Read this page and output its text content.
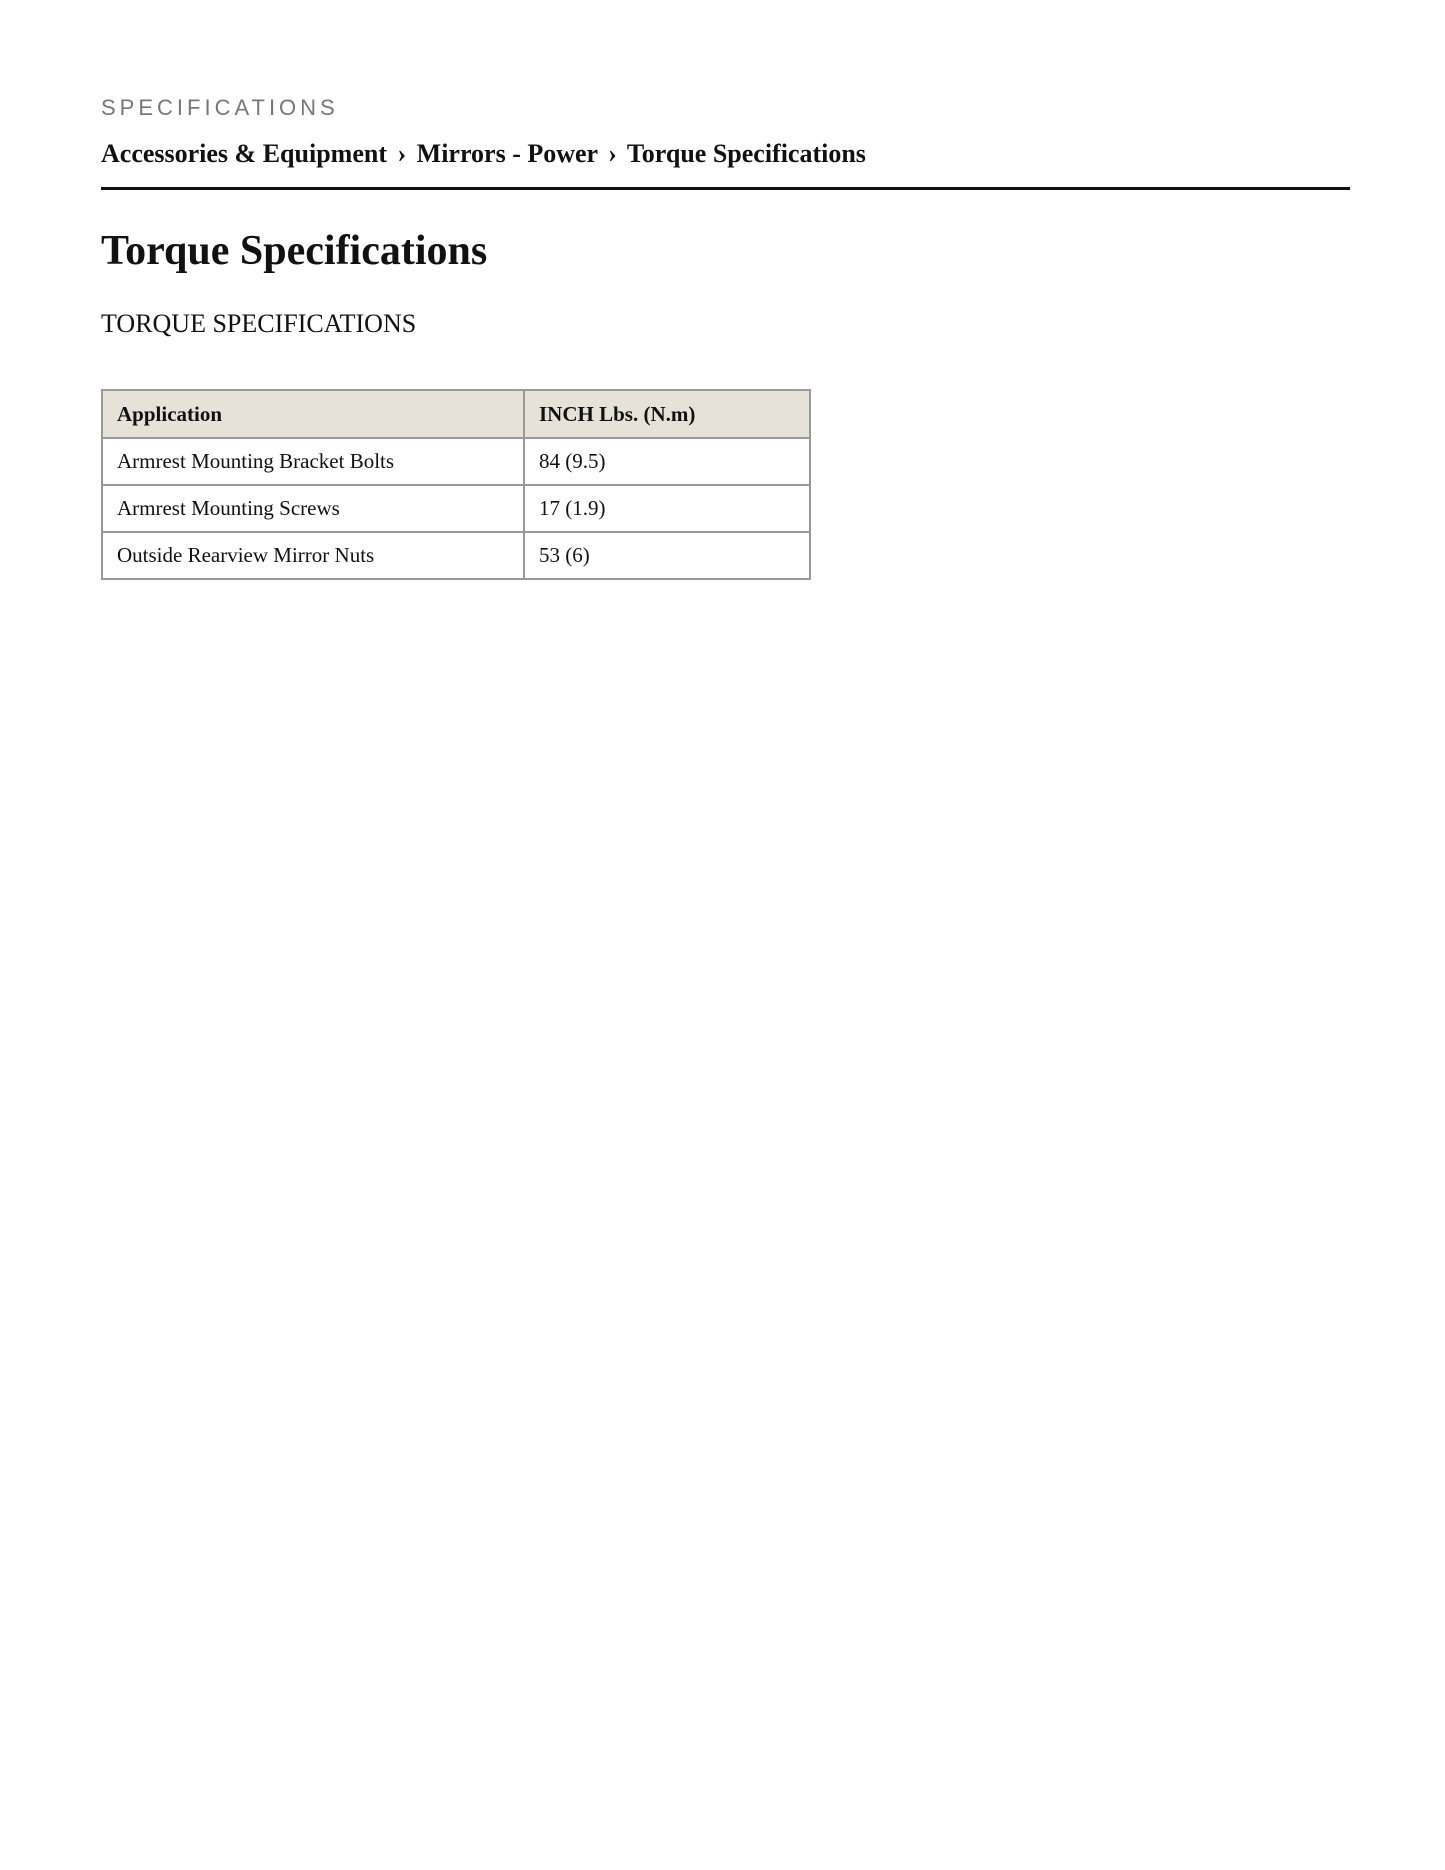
SPECIFICATIONS
Accessories & Equipment › Mirrors - Power › Torque Specifications
Torque Specifications
TORQUE SPECIFICATIONS
Application	INCH Lbs. (N.m)
Armrest Mounting Bracket Bolts	84 (9.5)
Armrest Mounting Screws	17 (1.9)
Outside Rearview Mirror Nuts	53 (6)
